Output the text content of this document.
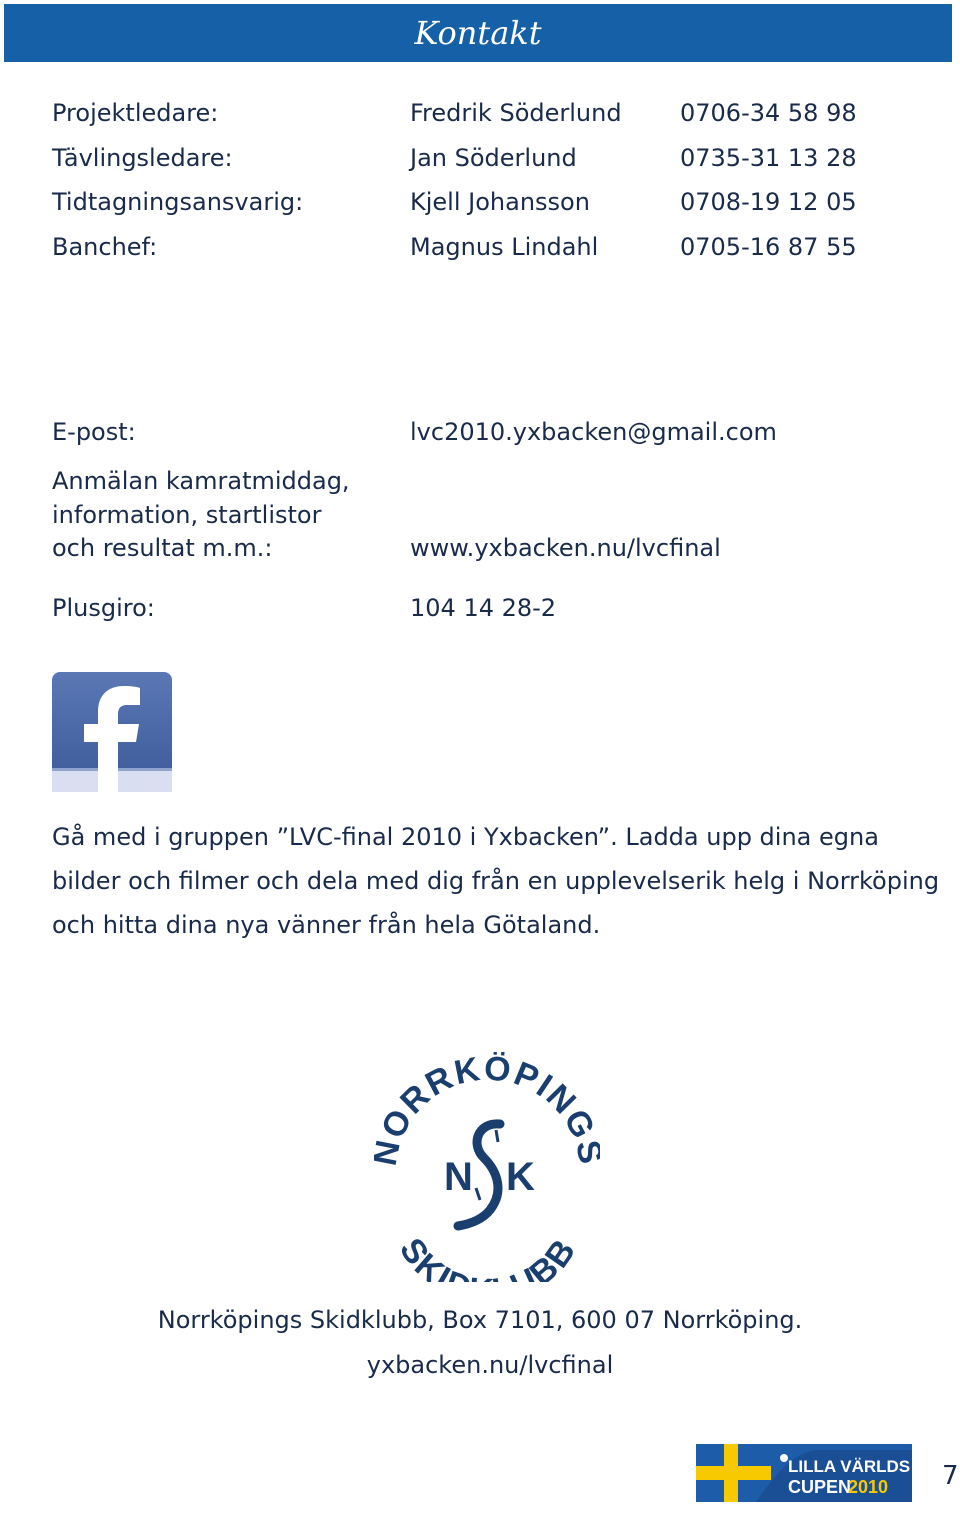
Kontakt
Projektledare:	Fredrik Söderlund 0706-34 58 98
Tävlingsledare:	Jan Söderlund	0735-31 13 28
Tidtagningsansvarig:	Kjell Johansson	0708-19 12 05
Banchef:	Magnus Lindahl	0705-16 87 55
E-post:	lvc2010.yxbacken@gmail.com
Anmälan kamratmiddag,
information, startlistor
och resultat m.m.:	www.yxbacken.nu/lvcfinal
Plusgiro:	104 14 28-2
Gå med i gruppen ”LVC-final 2010 i Yxbacken”. Ladda upp dina egna bilder och filmer och dela med dig från en upplevelserik helg i Norrköping och hitta dina nya vänner från hela Götaland.
ORRKÖPING
SKI BB
N K
Norrköpings Skidklubb, Box 7101, 600 07 Norrköping.
yxbacken.nu/lvcfinal
LILLA VÄRLDS
CUPEN
2010 7
